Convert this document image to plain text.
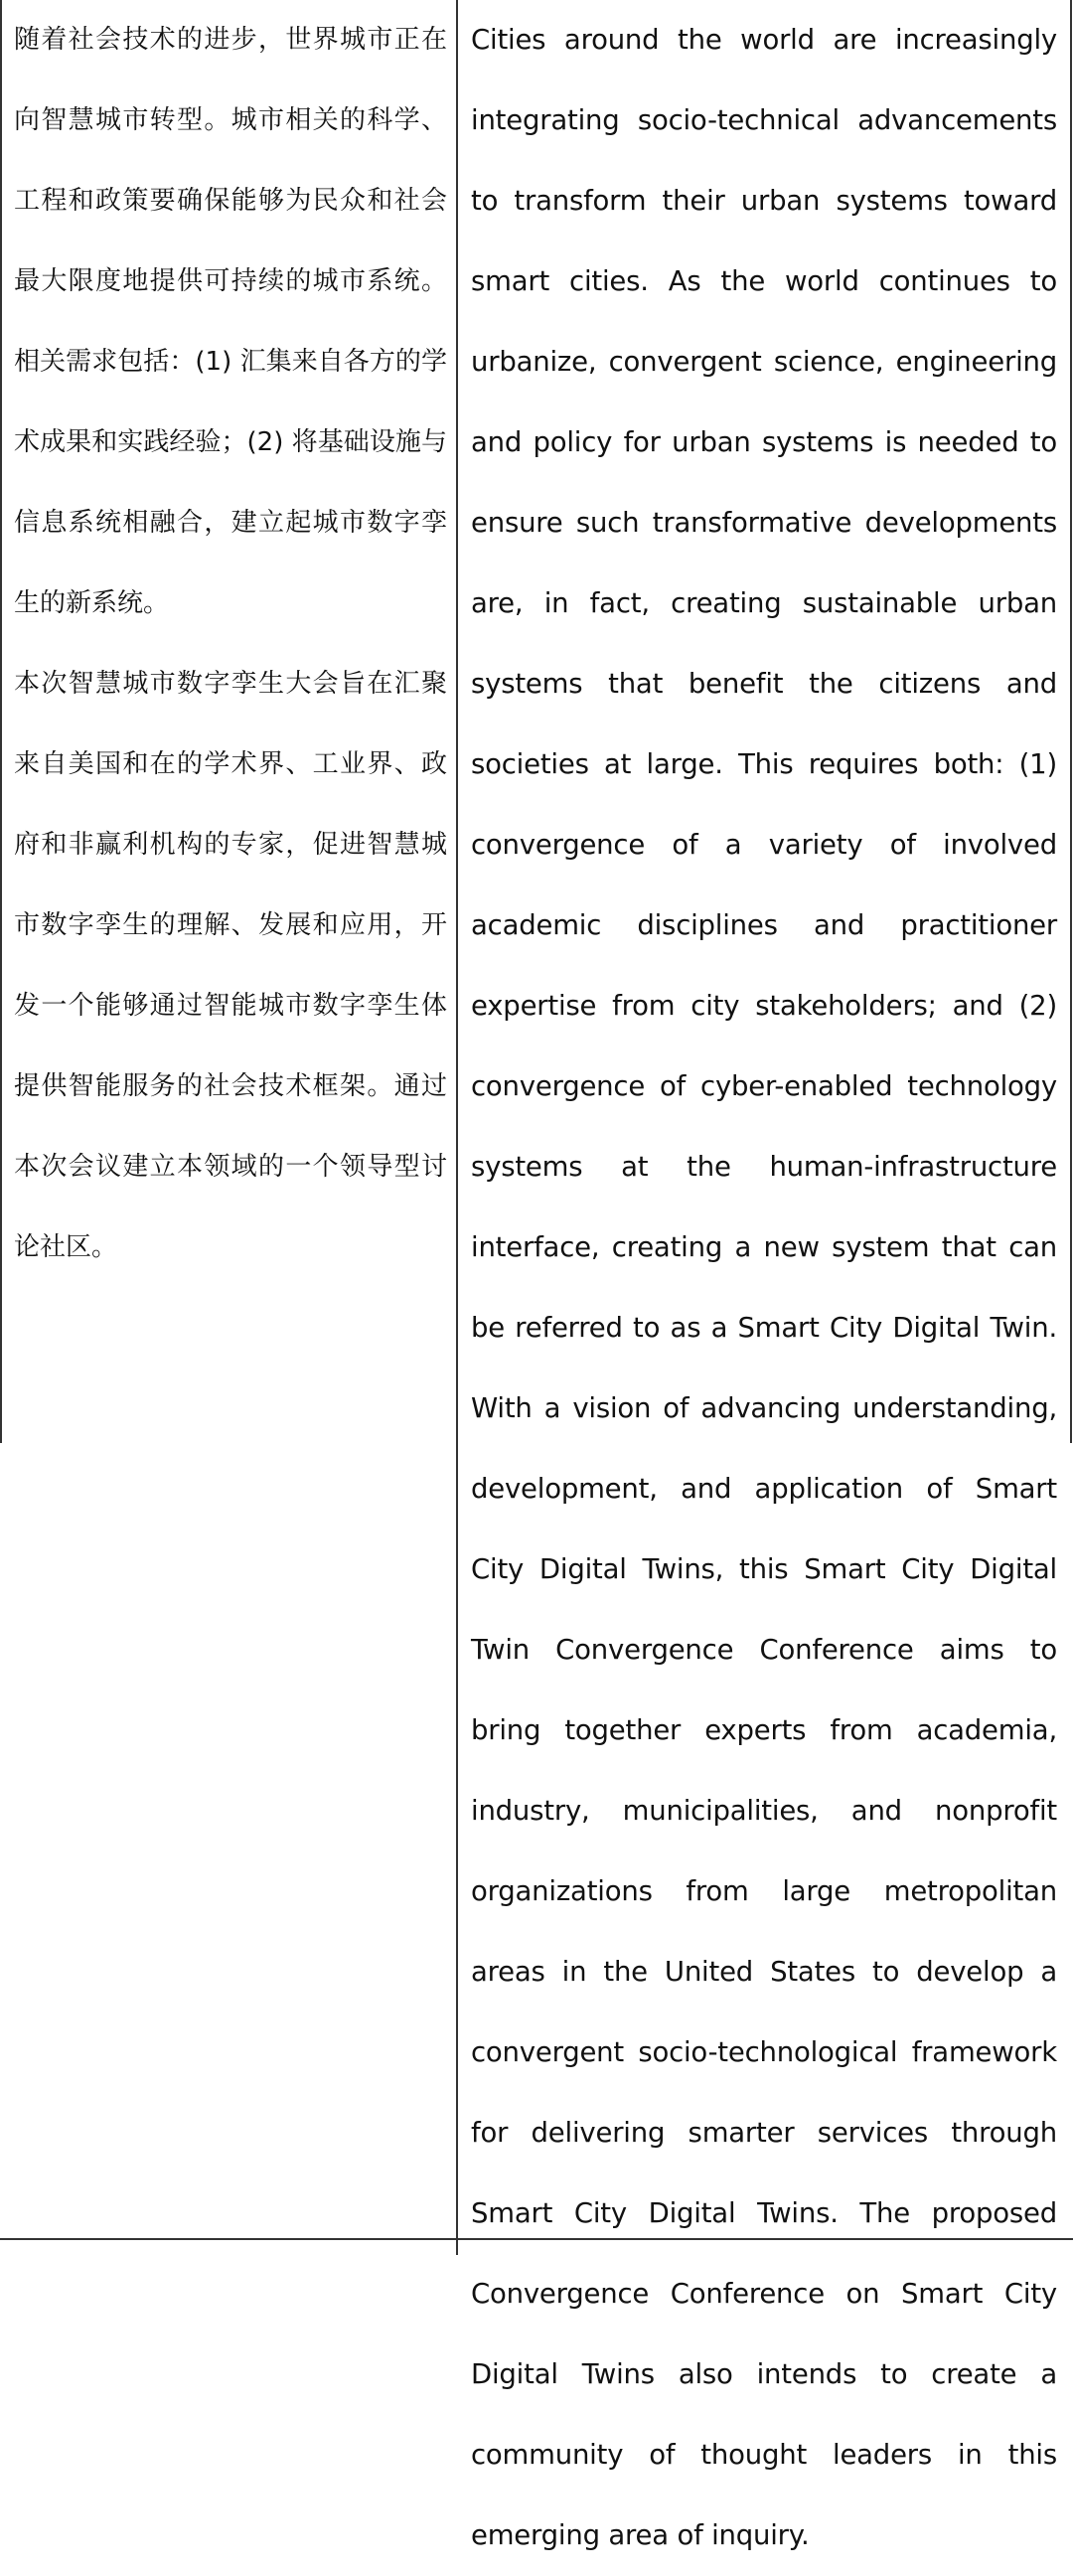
随着社会技术的进步，世界城市正在向智慧城市转型。城市相关的科学、工程和政策要确保能够为民众和社会最大限度地提供可持续的城市系统。相关需求包括：(1) 汇集来自各方的学术成果和实践经验；(2) 将基础设施与信息系统相融合，建立起城市数字孪生的新系统。

本次智慧城市数字孪生大会旨在汇聚来自美国和在的学术界、工业界、政府和非赢利机构的专家，促进智慧城市数字孪生的理解、发展和应用，开发一个能够通过智能城市数字孪生体提供智能服务的社会技术框架。通过本次会议建立本领域的一个领导型讨论社区。

Cities around the world are increasingly integrating socio-technical advancements to transform their urban systems toward smart cities. As the world continues to urbanize, convergent science, engineering and policy for urban systems is needed to ensure such transformative developments are, in fact, creating sustainable urban systems that benefit the citizens and societies at large. This requires both: (1) convergence of a variety of involved academic disciplines and practitioner expertise from city stakeholders; and (2) convergence of cyber-enabled technology systems at the human-infrastructure interface, creating a new system that can be referred to as a Smart City Digital Twin. With a vision of advancing understanding, development, and application of Smart City Digital Twins, this Smart City Digital Twin Convergence Conference aims to bring together experts from academia, industry, municipalities, and nonprofit organizations from large metropolitan areas in the United States to develop a convergent socio-technological framework for delivering smarter services through Smart City Digital Twins. The proposed Convergence Conference on Smart City Digital Twins also intends to create a community of thought leaders in this emerging area of inquiry.
